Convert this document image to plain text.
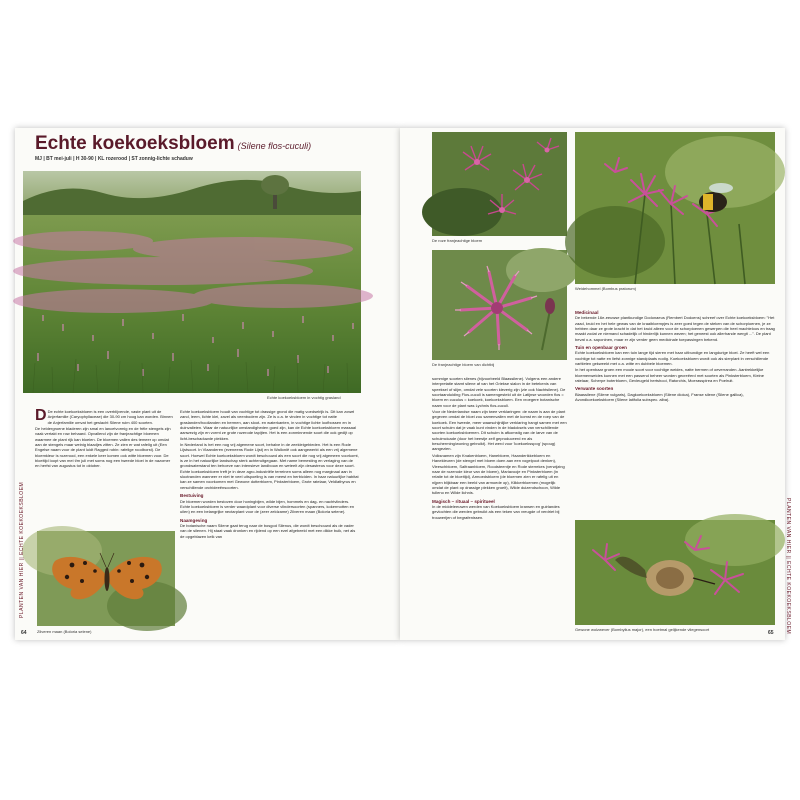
Echte koekoeksbloem (Silene flos-cuculi)
MJ | BT mei-juli | H 30-90 | KL rozerood | ST zonnig-lichte schaduw
Echte koekoeksbloem in vochtig grasland

D De echte koekoeksbloem is een overblijvende, vaste plant uit de Anjerfamilie (Caryophyllaceae) die 30-90 cm hoog kan worden. Binnen de Anjerfamilie omvat het geslacht Silene ruim 400 soorten.

De heldergroene bladeren zijn smal en lancetvormig en de frêle stengels zijn vaak vertakt en row behaard. Opvallend zijn de franjeachtige bloemen waarmee de plant rijk kan bloeien. De bloemen vallen des temeer op omdat aan de stengels maar weinig blaadjes zitten. Ze zien er wat rafelig uit (Een Engelse naam voor de plant luidt Ragged robin: rafelige roodborst). De bloemkleur is rozerood, een enkele keer komen ook witte bloemen voor. De bloeitijd loopt van mei t/m juli met soms nog een tweede bloei in de nazomer en herfst van augustus tot in oktober.

Zilveren maan (Boloria selene)

Echte koekoeksbloem houdt van vochtige tot drassige grond die matig voedselrijk is. Dit kan zowel zand, leem, lichte klei, zavel als veenbodem zijn. Ze is o.a. te vinden in vochtige tot natte graslanden/hooilanden en bermen, aan sloot- en waterkanten, in vochtige lichte loofbossen en in duinvalleien. Waar de natuurlijke omstandigheden goed zijn, kan de Echte koekoeksbloem massaal aanwezig zijn en vormt ze grote rozerode tapijten. Het is een zonminnende soort die ook gedijt op licht-beschaduwde plekken.

In Nederland is het een nog vrij algemene soort, behalve in de zeekleigebieden. Het is een Rode Lijstsoort. In Vlaanderen (eveneens Rode Lijst) en in Wallonië ook aangewerkt als een vrij algemene soort. Hoewel Echte koekoeksbloem wordt beschouwd als een soort die nog vrij algemeen voorkomt, is ze in het natuurlijke landschap sterk achteruitgegaan. Met name bemesting en verlaging van de grondwaterstand ten behoeve van intensieve landbouw en weteelt zijn desastreus voor deze soort. Echte koekoeksbloem treft je in deze agro-industriële terreinen soms alleen nog marginaal aan in slootranden wanneer er niet te veel uitspoeling is van meest en herbiciden. In haar natuurlijke habitat kan ze samen voorkomen met Gewone dotterbloem, Pinksterbloem, Grote ratelaar, Veldlathyrus en verschillende orchideeënsoorten.

Bestuiving

De bloemen worden bestoven door honingbijen, wilde bijen, hommels en dag- en nachtvlinders. Echte koekoeksbloem is verder waardplant voor diverse vlindersoorten (spanners, kokermotten en uilen) en een belangrijke nectarplant voor de (zeer zeldzame) Zilveren maan (Boloria selene).

Naamgeving

De botanische naam Silene gaat terug naar de bosgod Silenus, die wordt beschouwd als de vader van de silenen. Hij staat vaak dronken en rijdend op een ezel afgebeeld met een dikke buik, net als de opgeblazen kelk van

PLANTEN VAN HIER || ECHTE KOEKOEKSBLOEM
64
De roze franjeachtige bloem
De franjeachtige bloem van dichtbij
Weidehommel (Bombus pratorum)

sommige soorten silenes (bijvoorbeeld Blaassilene). Volgens een andere interpretatie stamt silene af van het Griekse sialon in de betekenis van speeksel of slijm, omdat vele soorten kleverig zijn (zie ook Nachtsilene). De soortaanduiding Flos-cuculi is samengesteld uit de Latijnse woorden flos = bloem en cuculus = koekoek, koekoeksbloem. Een vroegere botanische naam voor de plant was Lychnis flos-cuculi.

Voor de Nederlandse naam zijn twee verklaringen: de naam is aan de plant gegeven omdat de bloei zou samenvallen met de komst en de roep van de koekoek. Een tweede, meer waarschijnlijke verklaring hangt samen met een soort schuim dat je vaak kunt vinden in de bladoksels van verschillende soorten koekoeksbloemen. Dit schuim is afkomstig van de larve van de schuimcicade (door het beestje zelf geproduceerd en als bescherming/woning gebruikt). Het werd voor 'koekoeksspog' (spoug) aangezien.

Volksnamen zijn Knakenbloem, Hanebloem, Haanderikkebloem en Hanekleuren (de stengel met bloem doen aan een vogelpoot denken), Vleeschbloem, Salfraanbloem, Roodsteentje en Rode sterrekes (verwijzing naar de rozerode kleur van de bloem), Mariavooje en Pinksterbloem (in relatie tot de bloeitijd), Armoedsbloem (de bloemen zien er rafelig uit en nijpen blijkbaar een beeld van armoede op), Klikkerbloemen (mogelijk omdat de plant op drassige plekken groeit), Wilde duizendschoon, Wilde tulleno en Wilde lichnis.

Magisch – rituaal – spiritueel

In de middeleeuwen werden van Koekoeksbloem kransen en guirlandes gevlochten die werden gebruikt als een teken van vreugde of verdriet bij trouwerijen of begrafenissen.

Medicinaal

De bekende 16e-eeuwse plantkundige Dodonaeus (Rembert Dodoens) schreef over Echte koekoeksbloem: "Het zaad, kruid en het hele gewas van de kraaibloempjes is zeer goed tegen de steken van de schorpioenen, je ze hebben daar ze grote kracht in dat het kruid alleen voor de schorpioenen gewerpen die heel machteloos en traag maakt zodat ze niemand schadelijk of hinderlijk kunnen wezen; het geneest ook allerhande wergit ...". De plant bevat o.a. saponinen, maar er zijn verder geen medicinale toepassingen bekend.

Tuin en openbaar groen

Echte koekoeksbloem kan een tuin lange tijd sieren met haar uitbundige en langdurige bloei. Ze heeft wel een vochtige tot natte en liefst zonnige standplaats nodig. Koekoeksbloem wordt ook als sierplant in verschillende varitieten gekweekt met o.a. witte en dubbele bloemen.

In het openbaar groen een mooie soort voor vochtige weides, natte bermen of oeverranden. Aantrekkelijke bloemenweides kunnen met een passend beheer worden gecreëerd met soorten als Pinksterbloem, Kleine ratelaar, Scherpe boterbloem, Gevleugeld hertshooi, Ratorchis, Moerasspirea en Poelruit.

Verwante soorten

Blaassilene (Silene vulgaris), Dagkoekoeksbloem (Silene dioica), Franse silene (Silene gallica), Avondkoekoeksbloem (Silene latifolia subspec. alba).

Gewone wolzwever (Bombylius major), een hoetmal gelijkende vliegensoort	PLANTEN VAN HIER || ECHTE KOEKOEKSBLOEM
65
